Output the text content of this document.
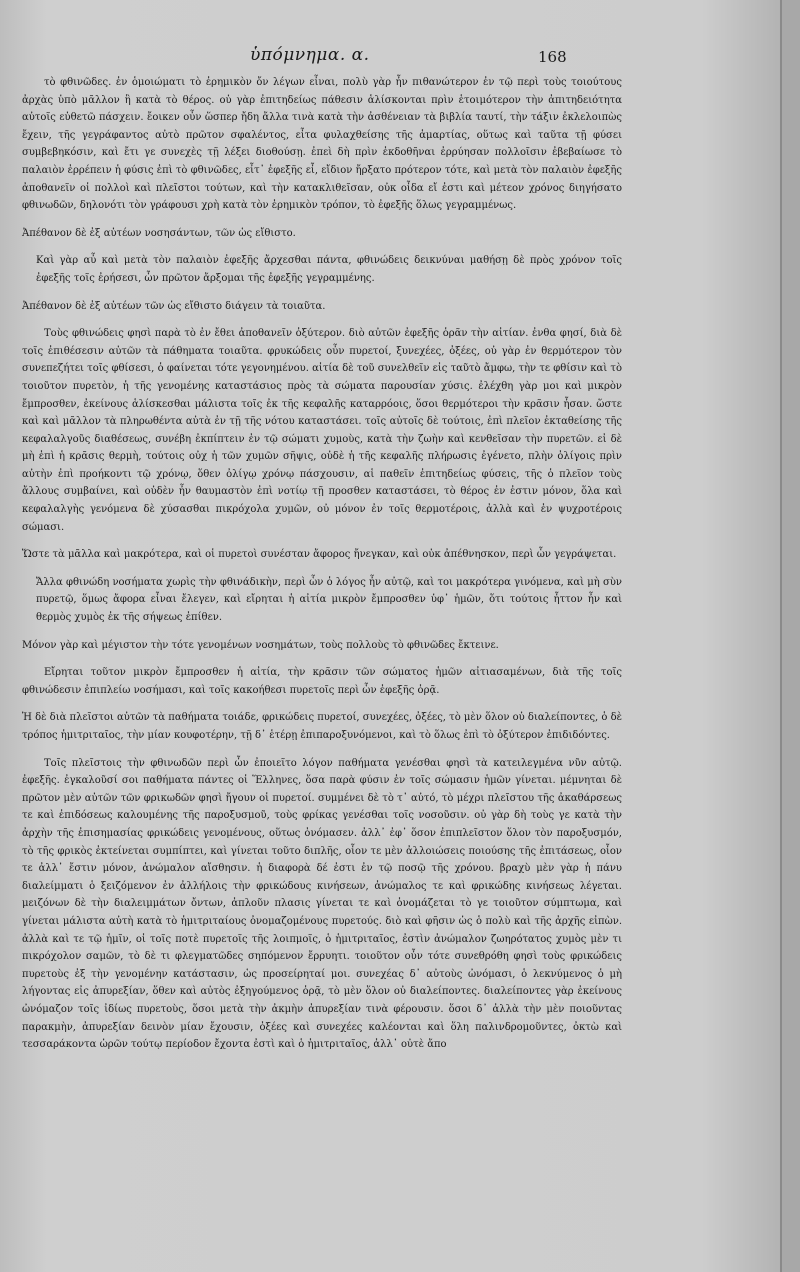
ὑπόμνημα. α.	168

τὸ φθινῶδες. ἐν ὁμοιώματι τὸ ἐρημικὸν ὄν λέγων εἶναι, πολὺ γὰρ ἦν πιθανώτερον ἐν τῷ περὶ τοὺς τοιούτους ἀρχὰς ὑπὸ μᾶλλον ἢ κατὰ τὸ θέρος. οὐ γὰρ ἐπιτηδείως πάθεσιν ἁλίσκονται πρὶν ἑτοιμότερον τὴν ἀπιτηδειότητα αὐτοῖς εὐθετῶ πάσχειν. ἔοικεν οὖν ὥσπερ ἤδη ἄλλα τινὰ κατὰ τὴν ἀσθένειαν τὰ βιβλία ταυτί, τὴν τάξιν ἐκλελοιπὼς ἔχειν, τῆς γεγράφαντος αὐτὸ πρῶτον σφαλέντος, εἶτα φυλαχθείσης τῆς ἁμαρτίας, οὕτως καὶ ταῦτα τῇ φύσει συμβεβηκόσιν, καὶ ἔτι γε συνεχὲς τῇ λέξει διοθούσῃ. ἐπεὶ δὴ πρὶν ἐκδοθῆναι ἐρρύησαν πολλοῖσιν ἐβεβαίωσε τὸ παλαιὸν ἐρρέπειν ἡ φύσις ἐπὶ τὸ φθινῶδες, εἶτ᾽ ἐφεξῆς εἶ, εἴδιον ἤρξατο πρότερον τότε, καὶ μετὰ τὸν παλαιὸν ἐφεξῆς ἀποθανεῖν οἱ πολλοὶ καὶ πλεῖστοι τούτων, καὶ τὴν κατακλιθεῖσαν, οὐκ οἶδα εἴ ἐστι καὶ μέτεον χρόνος διηγήσατο φθινωδῶν, δηλονότι τὸν γράφουσι χρὴ κατὰ τὸν ἐρημικὸν τρόπον, τὸ ἐφεξῆς ὅλως γεγραμμένως.

Ἀπέθανον δὲ ἐξ αὐτέων νοσησάντων, τῶν ὡς εἴθιστο.

Καὶ γὰρ αὖ καὶ μετὰ τὸν παλαιὸν ἐφεξῆς ἄρχεσθαι πάντα, φθινώδεις δεικνύναι μαθήσῃ δὲ πρὸς χρόνον τοῖς ἐφεξῆς τοῖς ἐρήσεσι, ὧν πρῶτον ἄρξομαι τῆς ἐφεξῆς γεγραμμένης.

Ἀπέθανον δὲ ἐξ αὐτέων τῶν ὡς εἴθιστο διάγειν τὰ τοιαῦτα.

Τοὺς φθινώδεις φησὶ παρὰ τὸ ἐν ἔθει ἀποθανεῖν ὀξύτερον. διὸ αὐτῶν ἐφεξῆς ὁρᾶν τὴν αἰτίαν. ἐνθα φησί, διὰ δὲ τοῖς ἐπιθέσεσιν αὐτῶν τὰ πάθηματα τοιαῦτα. φρυκώδεις οὖν πυρετοί, ξυνεχέες, ὀξέες, οὐ γὰρ ἐν θερμότερον τὸν συνεπεζήτει τοῖς φθίσεσι, ὁ φαίνεται τότε γεγονημένου. αἰτία δὲ τοῦ συνελθεῖν εἰς ταῦτὸ ἄμφω, τὴν τε φθίσιν καὶ τὸ τοιοῦτον πυρετὸν, ἡ τῆς γενομένης καταστάσιος πρὸς τὰ σώματα παρουσίαν χύσις. ἐλέχθη γὰρ μοι καὶ μικρὸν ἔμπροσθεν, ἐκείνους ἁλίσκεσθαι μάλιστα τοῖς ἐκ τῆς κεφαλῆς καταρρόοις, ὅσοι θερμότεροι τὴν κρᾶσιν ἦσαν. ὥστε καὶ καὶ μᾶλλον τὰ πληρωθέντα αὐτὰ ἐν τῇ τῆς νότου καταστάσει. τοῖς αὐτοῖς δὲ τούτοις, ἐπὶ πλεῖον ἐκταθείσης τῆς κεφαλαλγοῦς διαθέσεως, συνέβη ἐκπίπτειν ἐν τῷ σώματι χυμοὺς, κατὰ τὴν ζωὴν καὶ κενθεῖσαν τὴν πυρετῶν. εἰ δὲ μὴ ἐπὶ ἡ κρᾶσις θερμὴ, τούτοις οὐχ ἡ τῶν χυμῶν σῆψις, οὐδὲ ἡ τῆς κεφαλῆς πλήρωσις ἐγένετο, πλὴν ὀλίγοις πρὶν αὐτὴν ἐπὶ προήκοντι τῷ χρόνῳ, ὅθεν ὀλίγῳ χρόνῳ πάσχουσιν, αἱ παθεῖν ἐπιτηδείως φύσεις, τῆς ὁ πλεῖον τοὺς ἄλλους συμβαίνει, καὶ οὐδὲν ἦν θαυμαστὸν ἐπὶ νοτίῳ τῇ προσθεν καταστάσει, τὸ θέρος ἐν ἐστιν μόνον, ὅλα καὶ κεφαλαλγὴς γενόμενα δὲ χύσασθαι πικρόχολα χυμῶν, οὐ μόνον ἐν τοῖς θερμοτέροις, ἀλλὰ καὶ ἐν ψυχροτέροις σώμασι.

Ὥστε τὰ μᾶλλα καὶ μακρότερα, καὶ οἱ πυρετοὶ συνέσταν ἄφορος ἤνεγκαν, καὶ οὐκ ἀπέθνησκον, περὶ ὧν γεγράψεται.

Ἄλλα φθινώδη νοσήματα χωρὶς τὴν φθινάδικὴν, περὶ ὧν ὁ λόγος ἦν αὐτῷ, καὶ τοι μακρότερα γινόμενα, καὶ μὴ σὺν πυρετῷ, ὅμως ἄφορα εἶναι ἔλεγεν, καὶ εἴρηται ἡ αἰτία μικρὸν ἔμπροσθεν ὑφ᾽ ἡμῶν, ὅτι τούτοις ἧττον ἦν καὶ θερμὸς χυμὸς ἐκ τῆς σήψεως ἐπίθεν.

Μόνον γὰρ καὶ μέγιστον τὴν τότε γενομένων νοσημάτων, τοὺς πολλοὺς τὸ φθινῶδες ἔκτεινε.

Εἴρηται τοῦτον μικρὸν ἔμπροσθεν ἡ αἰτία, τὴν κρᾶσιν τῶν σώματος ἡμῶν αἰτιασαμένων, διὰ τῆς τοῖς φθινώδεσιν ἐπιπλείω νοσήμασι, καὶ τοῖς κακοήθεσι πυρετοῖς περὶ ὧν ἐφεξῆς ὁρᾷ.

Ἡ δὲ διὰ πλεῖστοι αὐτῶν τὰ παθήματα τοιάδε, φρικώδεις πυρετοί, συνεχέες, ὀξέες, τὸ μὲν ὅλον οὐ διαλείποντες, ὁ δὲ τρόπος ἡμιτριταῖος, τὴν μίαν κουφοτέρην, τῇ δ᾽ ἑτέρῃ ἐπιπαροξυνόμενοι, καὶ τὸ ὅλως ἐπὶ τὸ ὀξύτερον ἐπιδιδόντες.

Τοῖς πλεῖστοις τὴν φθινωδῶν περὶ ὧν ἐποιεῖτο λόγον παθήματα γενέσθαι φησὶ τὰ κατειλεγμένα νῦν αὐτῷ. ἐφεξῆς. ἐγκαλοῦσί σοι παθήματα πάντες οἱ Ἕλληνες, ὅσα παρὰ φύσιν ἐν τοῖς σώμασιν ἡμῶν γίνεται. μέμνηται δὲ πρῶτον μὲν αὐτῶν τῶν φρικωδῶν φησὶ ἤγουν οἱ πυρετοί. συμμένει δὲ τὸ τ᾽ αὐτό, τὸ μέχρι πλεῖστου τῆς ἀκαθάρσεως τε καὶ ἐπιδόσεως καλουμένης τῆς παροξυσμοῦ, τοὺς φρίκας γενέσθαι τοῖς νοσοῦσιν. οὐ γὰρ δὴ τοὺς γε κατὰ τὴν ἀρχὴν τῆς ἐπισημασίας φρικώδεις γενομένους, οὕτως ὀνόμασεν. ἀλλ᾽ ἐφ᾽ ὅσον ἐπιπλεῖστον ὅλον τὸν παροξυσμόν, τὸ τῆς φρικὸς ἐκτείνεται συμπίπτει, καὶ γίνεται τοῦτο διπλῆς, οἷον τε μὲν ἀλλοιώσεις ποιούσης τῆς ἐπιτάσεως, οἷον τε ἀλλ᾽ ἔστιν μόνον, ἀνώμαλον αἴσθησιν. ἡ διαφορὰ δέ ἐστι ἐν τῷ ποσῷ τῆς χρόνου. βραχὺ μὲν γὰρ ἡ πάνυ διαλείμματι ὁ ξειζόμενον ἐν ἀλλήλοις τὴν φρικώδους κινήσεων, ἀνώμαλος τε καὶ φρικώδης κινήσεως λέγεται. μειζόνων δὲ τὴν διαλειμμάτων ὄντων, ἀπλοῦν πλασις γίνεται τε καὶ ὀνομάζεται τὸ γε τοιοῦτον σύμπτωμα, καὶ γίνεται μάλιστα αὐτὴ κατὰ τὸ ἡμιτριταίους ὀνομαζομένους πυρετούς. διὸ καὶ φῆσιν ὡς ὁ πολὺ καὶ τῆς ἀρχῆς εἰπὼν. ἀλλὰ καὶ τε τῷ ἡμῖν, οἱ τοῖς ποτὲ πυρετοῖς τῆς λοιπμοῖς, ὁ ἡμιτριταῖος, ἐστὶν ἀνώμαλον ζωηρότατος χυμὸς μὲν τι πικρόχολον σαμῶν, τὸ δὲ τι φλεγματῶδες σηπόμενον ἔρρυητι. τοιοῦτον οὖν τότε συνεθρόθη φησὶ τοὺς φρικώδεις πυρετοὺς ἐξ τὴν γενομένην κατάστασιν, ὡς προσείρηταί μοι. συνεχέας δ᾽ αὐτοὺς ὠνόμασι, ὁ λεκνύμενος ὁ μὴ λήγοντας εἰς ἀπυρεξίαν, ὅθεν καὶ αὐτὸς ἐξηγούμενος ὁρᾷ, τὸ μὲν ὅλον οὐ διαλείποντες. διαλείποντες γὰρ ἐκείνους ὠνόμαζον τοῖς ἰδίως πυρετοὺς, ὅσοι μετὰ τὴν ἀκμὴν ἀπυρεξίαν τινὰ φέρουσιν. ὅσοι δ᾽ ἀλλὰ τὴν μὲν ποιοῦντας παρακμὴν, ἀπυρεξίαν δεινὸν μίαν ἔχουσιν, ὀξέες καὶ συνεχέες καλέονται καὶ ὅλη παλινδρομοῦντες, ὀκτὼ καὶ τεσσαράκοντα ὡρῶν τούτῳ περίοδον ἔχοντα ἐστὶ καὶ ὁ ἡμιτριταῖος, ἀλλ᾽ οὐτὲ ἄπο
